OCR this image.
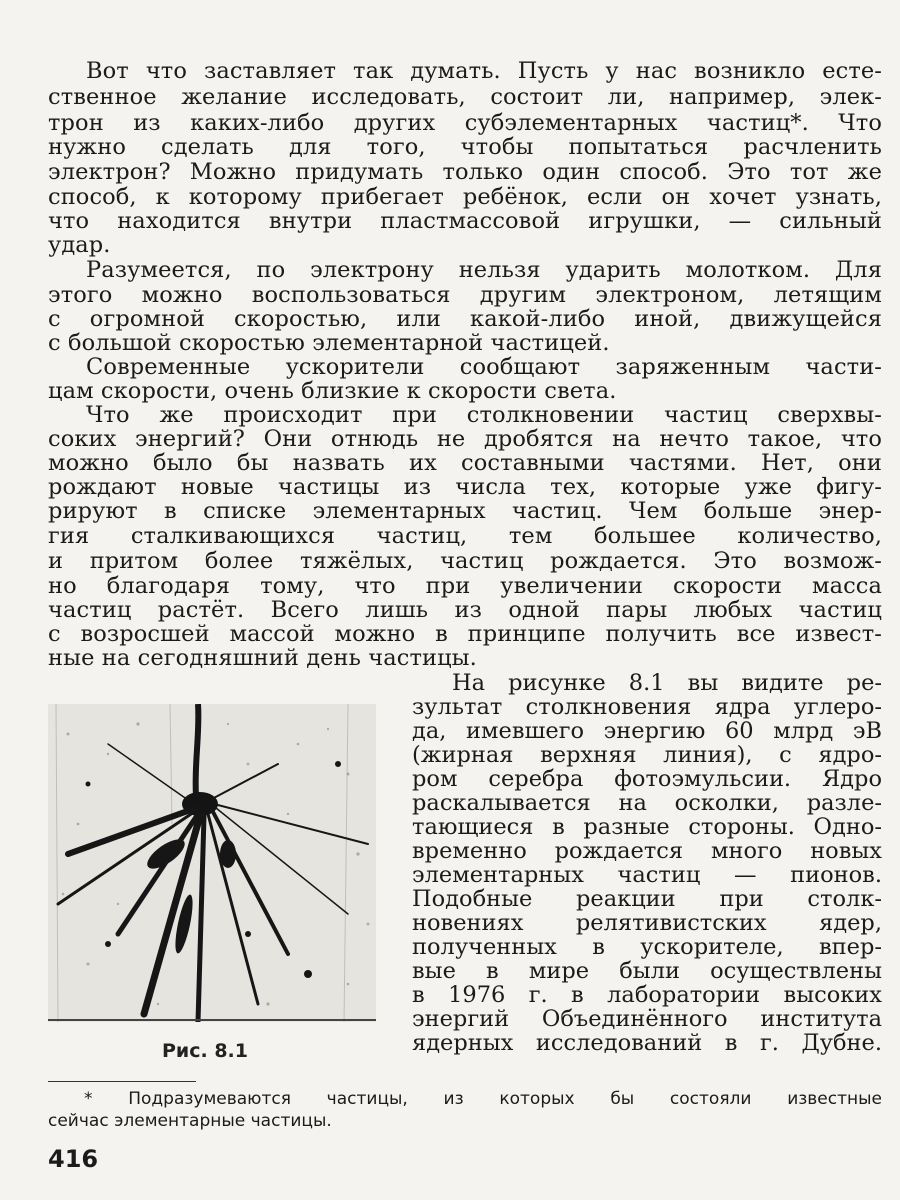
Вот что заставляет так думать. Пусть у нас возникло есте-
ственное желание исследовать, состоит ли, например, элек-
трон из каких-либо других субэлементарных частиц*. Что
нужно сделать для того, чтобы попытаться расчленить
электрон? Можно придумать только один способ. Это тот же
способ, к которому прибегает ребёнок, если он хочет узнать,
что находится внутри пластмассовой игрушки, — сильный
удар.
Разумеется, по электрону нельзя ударить молотком. Для
этого можно воспользоваться другим электроном, летящим
с огромной скоростью, или какой-либо иной, движущейся
с большой скоростью элементарной частицей.
Современные ускорители сообщают заряженным части-
цам скорости, очень близкие к скорости света.
Что же происходит при столкновении частиц сверхвы-
соких энергий? Они отнюдь не дробятся на нечто такое, что
можно было бы назвать их составными частями. Нет, они
рождают новые частицы из числа тех, которые уже фигу-
рируют в списке элементарных частиц. Чем больше энер-
гия сталкивающихся частиц, тем большее количество,
и притом более тяжёлых, частиц рождается. Это возмож-
но благодаря тому, что при увеличении скорости масса
частиц растёт. Всего лишь из одной пары любых частиц
с возросшей массой можно в принципе получить все извест-
ные на сегодняшний день частицы.
Рис. 8.1
На рисунке 8.1 вы видите ре-
зультат столкновения ядра углеро-
да, имевшего энергию 60 млрд эВ
(жирная верхняя линия), с ядро-
ром серебра фотоэмульсии. Ядро
раскалывается на осколки, разле-
тающиеся в разные стороны. Одно-
временно рождается много новых
элементарных частиц — пионов.
Подобные реакции при столк-
новениях релятивистских ядер,
полученных в ускорителе, впер-
вые в мире были осуществлены
в 1976 г. в лаборатории высоких
энергий Объединённого института
ядерных исследований в г. Дубне.
* Подразумеваются частицы, из которых бы состояли известные
сейчас элементарные частицы.
416
